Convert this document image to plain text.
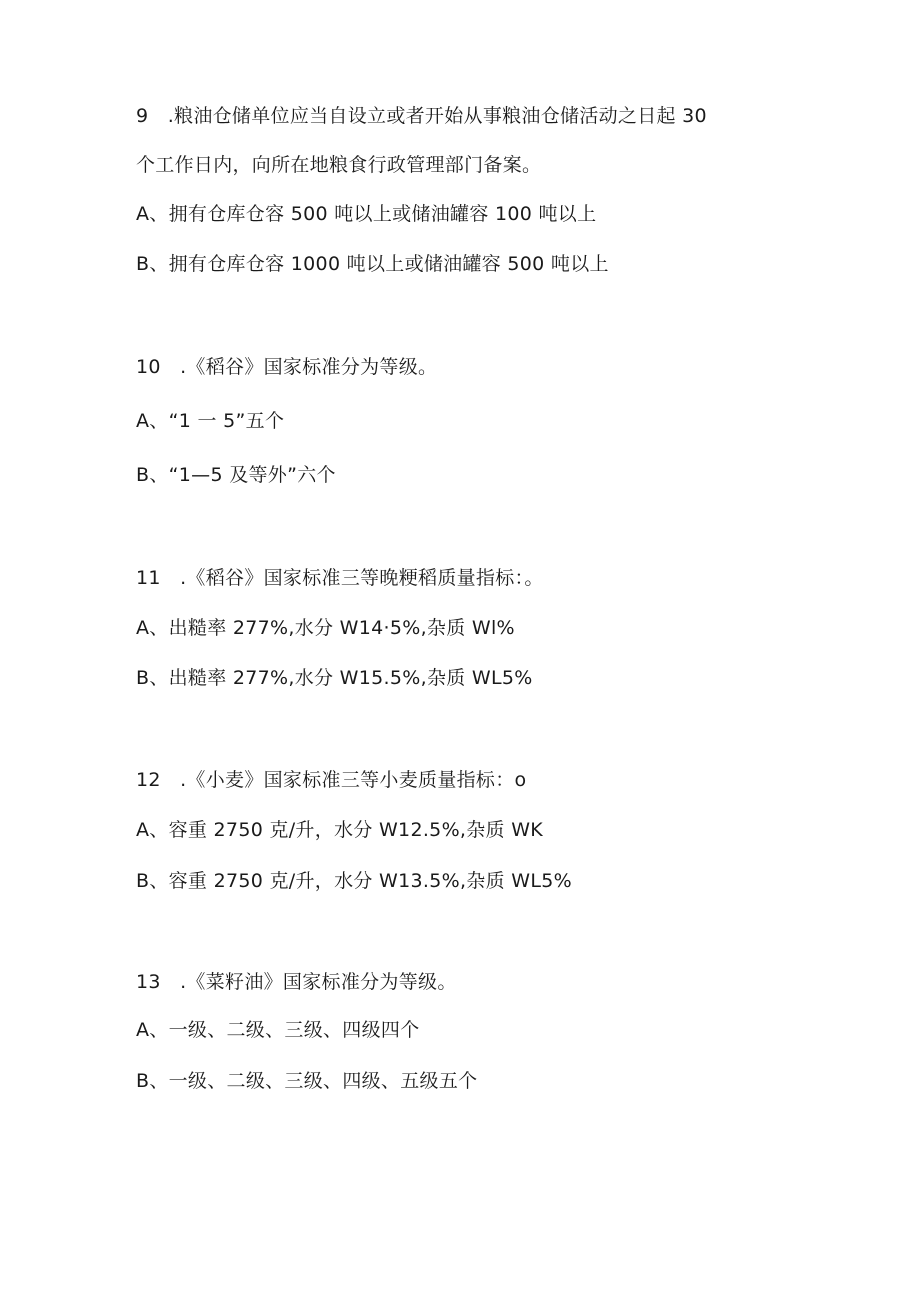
9　.粮油仓储单位应当自设立或者开始从事粮油仓储活动之日起 30
个工作日内，向所在地粮食行政管理部门备案。
A、拥有仓库仓容 500 吨以上或储油罐容 100 吨以上
B、拥有仓库仓容 1000 吨以上或储油罐容 500 吨以上
10　.《稻谷》国家标准分为等级。
A、“1 一 5”五个
B、“1—5 及等外”六个
11　.《稻谷》国家标准三等晚粳稻质量指标：。
A、出糙率 277%,水分 W14·5%,杂质 Wl%
B、出糙率 277%,水分 W15.5%,杂质 WL5%
12　.《小麦》国家标准三等小麦质量指标：o
A、容重 2750 克/升，水分 W12.5%,杂质 WK
B、容重 2750 克/升，水分 W13.5%,杂质 WL5%
13　.《菜籽油》国家标准分为等级。
A、一级、二级、三级、四级四个
B、一级、二级、三级、四级、五级五个
